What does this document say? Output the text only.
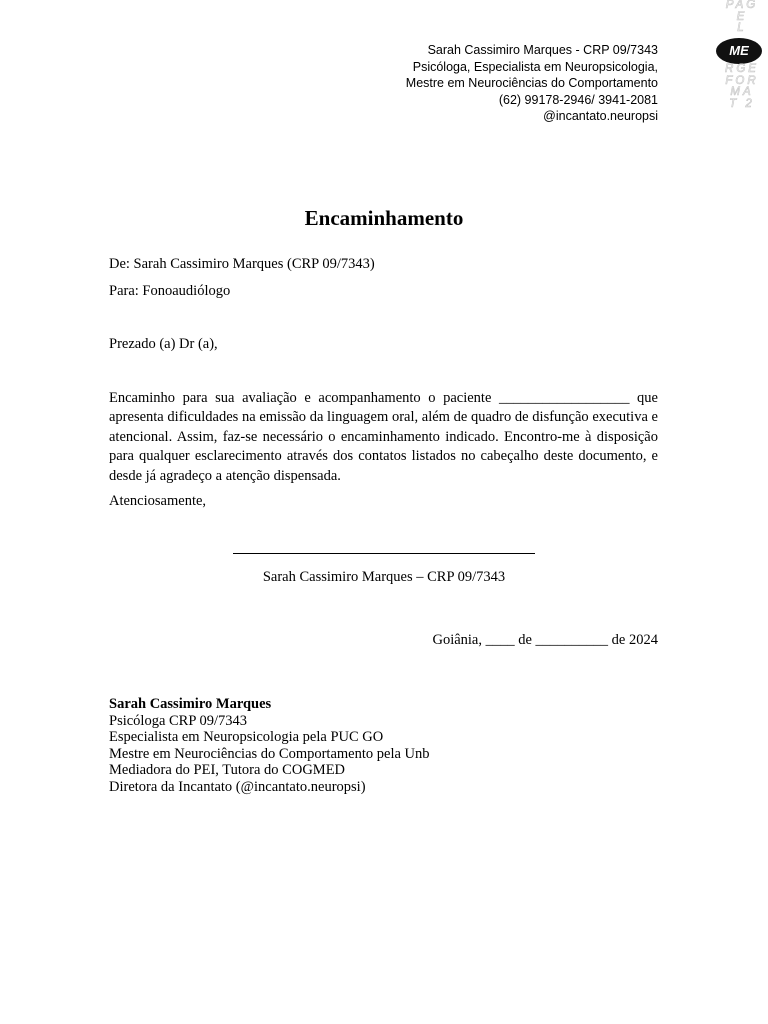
Sarah Cassimiro Marques - CRP 09/7343
Psicóloga, Especialista em Neuropsicologia,
Mestre em Neurociências do Comportamento
(62) 99178-2946/ 3941-2081
@incantato.neuropsi
PAG
E
L
ME
RGE
FOR
MA
T 2
Encaminhamento
De: Sarah Cassimiro Marques (CRP 09/7343)
Para: Fonoaudiólogo
Prezado (a) Dr (a),
Encaminho para sua avaliação e acompanhamento o paciente __________________ que apresenta dificuldades na emissão da linguagem oral, além de quadro de disfunção executiva e atencional. Assim, faz-se necessário o encaminhamento indicado. Encontro-me à disposição para qualquer esclarecimento através dos contatos listados no cabeçalho deste documento, e desde já agradeço a atenção dispensada.
Atenciosamente,
Sarah Cassimiro Marques – CRP 09/7343
Goiânia, ____ de __________ de 2024
Sarah Cassimiro Marques
Psicóloga CRP 09/7343
Especialista em Neuropsicologia pela PUC GO
Mestre em Neurociências do Comportamento pela Unb
Mediadora do PEI, Tutora do COGMED
Diretora da Incantato (@incantato.neuropsi)
